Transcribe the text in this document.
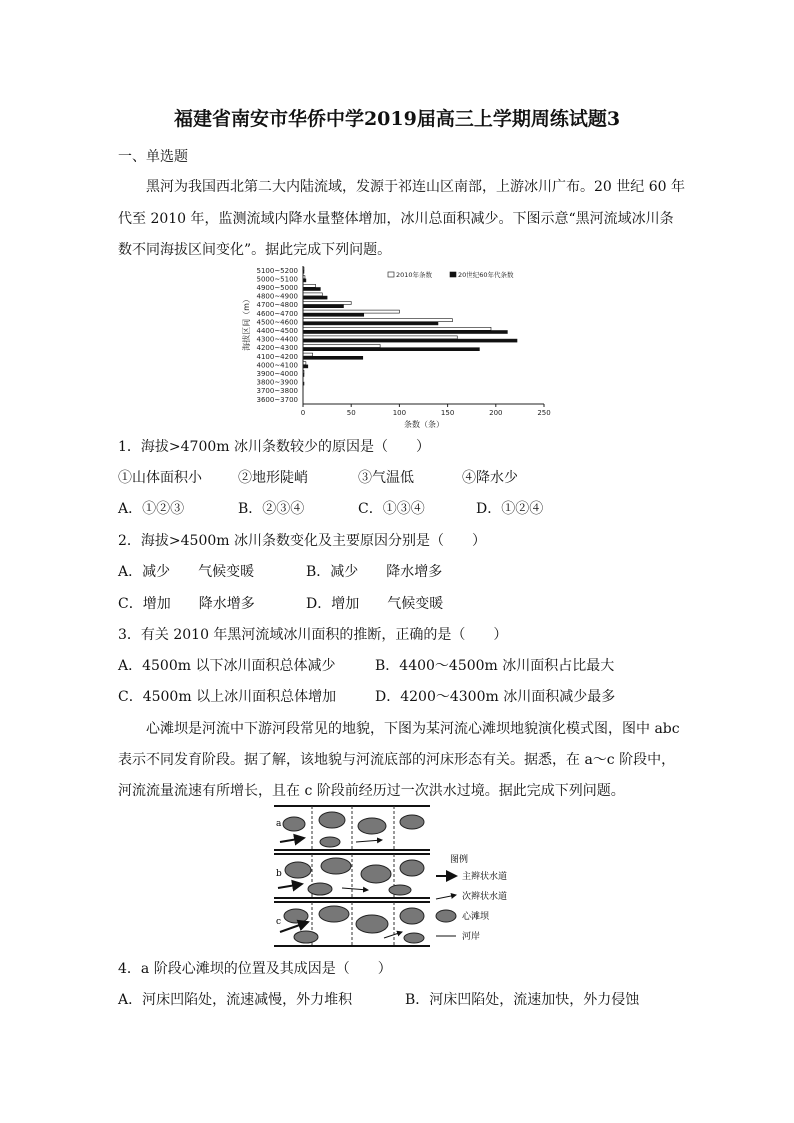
福建省南安市华侨中学2019届高三上学期周练试题3
一、单选题
黑河为我国西北第二大内陆流域，发源于祁连山区南部，上游冰川广布。20 世纪 60 年
代至 2010 年，监测流域内降水量整体增加，冰川总面积减少。下图示意“黑河流域冰川条
数不同海拔区间变化”。据此完成下列问题。
海拔区间（m）
5100~5200
5000~5100
4900~5000
4800~4900
4700~4800
4600~4700
4500~4600
4400~4500
4300~4400
4200~4300
4100~4200
4000~4100
3900~4000
3800~3900
3700~3800
3600~3700
0	50	100	150	200	250
条数（条）
2010年条数	20世纪60年代条数
1．海拔>4700m 冰川条数较少的原因是（　　）
①山体面积小	②地形陡峭	③气温低	④降水少
A．①②③	B．②③④	C．①③④	D．①②④
2．海拔>4500m 冰川条数变化及主要原因分别是（　　）
A．减少　　气候变暖	B．减少　　降水增多
C．增加　　降水增多	D．增加　　气候变暖
3．有关 2010 年黑河流域冰川面积的推断，正确的是（　　）
A．4500m 以下冰川面积总体减少	B．4400～4500m 冰川面积占比最大
C．4500m 以上冰川面积总体增加	D．4200～4300m 冰川面积减少最多
心滩坝是河流中下游河段常见的地貌，下图为某河流心滩坝地貌演化模式图，图中 abc
表示不同发育阶段。据了解，该地貌与河流底部的河床形态有关。据悉，在 a～c 阶段中，
河流流量流速有所增长，且在 c 阶段前经历过一次洪水过境。据此完成下列问题。
a
b
c
图例
主辫状水道
次辫状水道
心滩坝
河岸
4．a 阶段心滩坝的位置及其成因是（　　）
A．河床凹陷处，流速减慢，外力堆积	B．河床凹陷处，流速加快，外力侵蚀
